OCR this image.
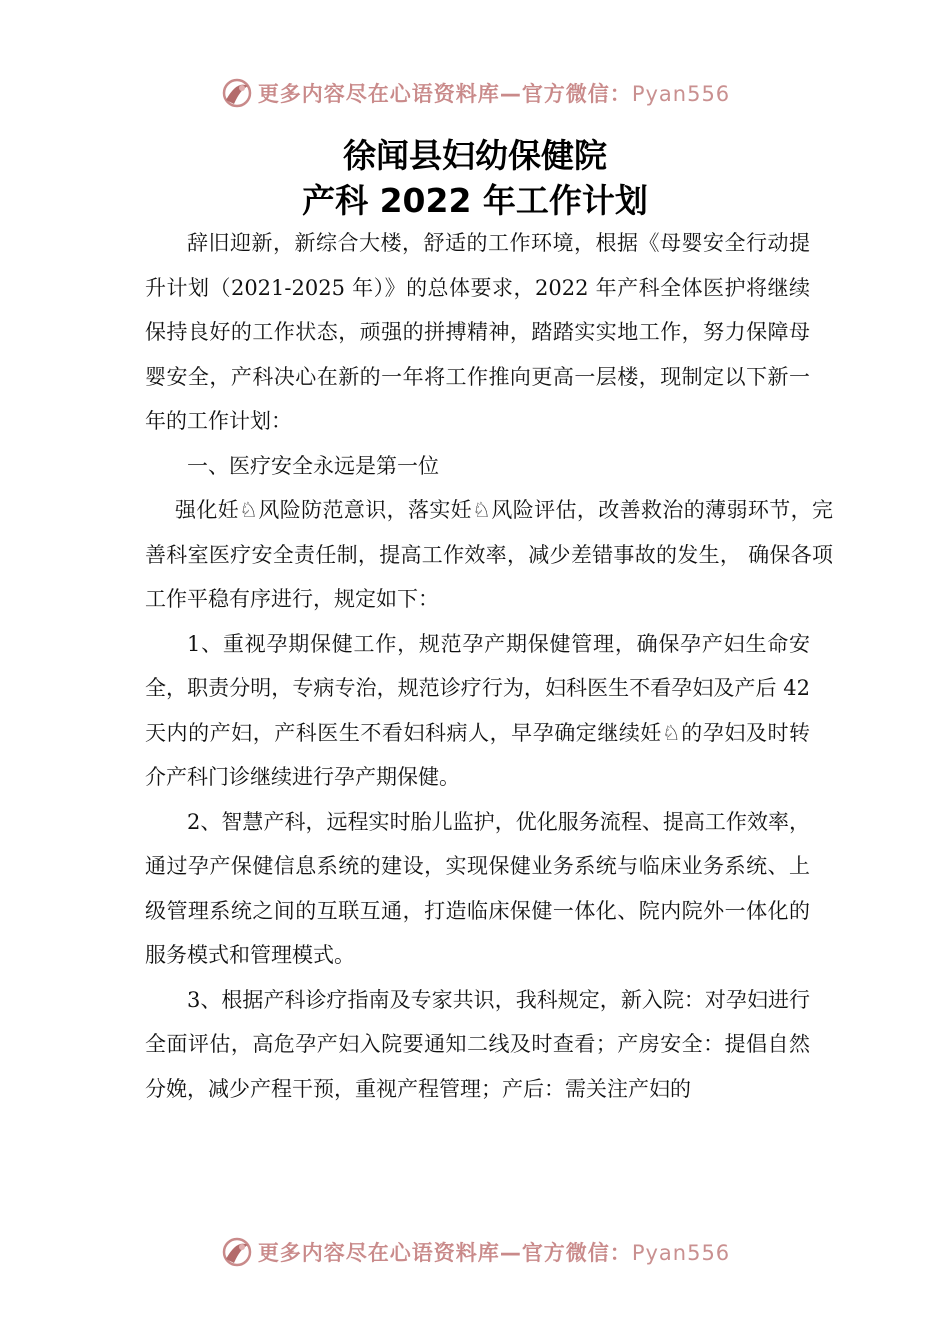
更多内容尽在心语资料库—官方微信：Pyan556
徐闻县妇幼保健院
产科 2022 年工作计划

辞旧迎新，新综合大楼，舒适的工作环境，根据《母婴安全行动提升计划（2021-2025 年）》的总体要求，2022 年产科全体医护将继续保持良好的工作状态，顽强的拼搏精神，踏踏实实地工作，努力保障母婴安全，产科决心在新的一年将工作推向更高一层楼，现制定以下新一年的工作计划：

一、医疗安全永远是第一位

强化妊♘风险防范意识，落实妊♘风险评估，改善救治的薄弱环节，完善科室医疗安全责任制，提高工作效率，减少差错事故的发生， 确保各项工作平稳有序进行，规定如下：

1、重视孕期保健工作，规范孕产期保健管理，确保孕产妇生命安全，职责分明，专病专治，规范诊疗行为，妇科医生不看孕妇及产后 42 天内的产妇，产科医生不看妇科病人，早孕确定继续妊♘的孕妇及时转介产科门诊继续进行孕产期保健。

2、智慧产科，远程实时胎儿监护，优化服务流程、提高工作效率，通过孕产保健信息系统的建设，实现保健业务系统与临床业务系统、上级管理系统之间的互联互通，打造临床保健一体化、院内院外一体化的服务模式和管理模式。

3、根据产科诊疗指南及专家共识，我科规定，新入院：对孕妇进行全面评估，高危孕产妇入院要通知二线及时查看；产房安全：提倡自然分娩，减少产程干预，重视产程管理；产后：需关注产妇的

更多内容尽在心语资料库—官方微信：Pyan556
